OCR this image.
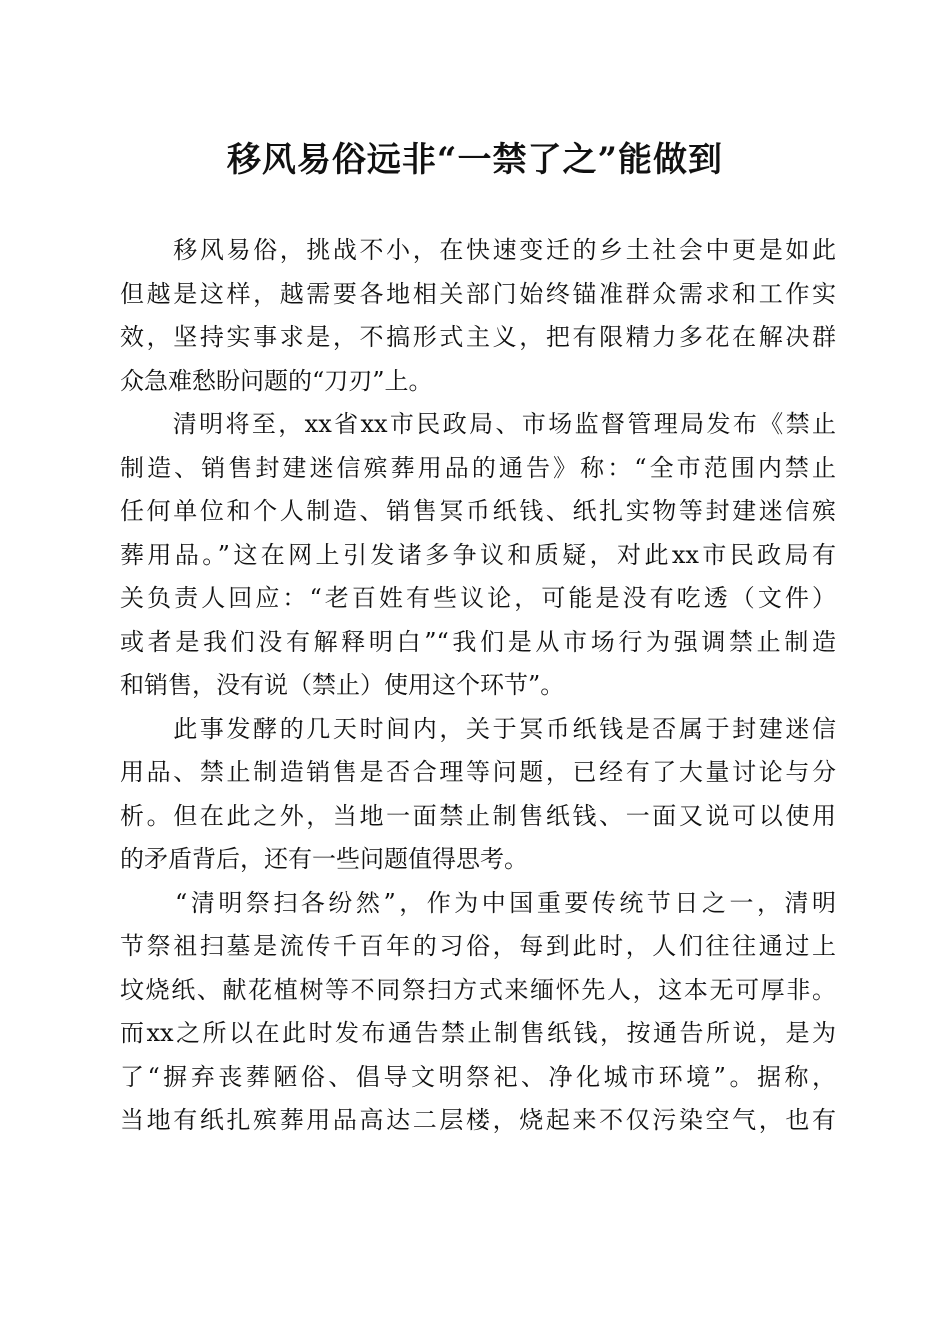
移风易俗远非“一禁了之”能做到
　　移风易俗，挑战不小，在快速变迁的乡土社会中更是如此
但越是这样，越需要各地相关部门始终锚准群众需求和工作实
效，坚持实事求是，不搞形式主义，把有限精力多花在解决群
众急难愁盼问题的“刀刃”上。
　　清明将至，xx省xx市民政局、市场监督管理局发布《禁止
制造、销售封建迷信殡葬用品的通告》称：“全市范围内禁止
任何单位和个人制造、销售冥币纸钱、纸扎实物等封建迷信殡
葬用品。”这在网上引发诸多争议和质疑，对此xx市民政局有
关负责人回应：“老百姓有些议论，可能是没有吃透（文件）
或者是我们没有解释明白”“我们是从市场行为强调禁止制造
和销售，没有说（禁止）使用这个环节”。
　　此事发酵的几天时间内，关于冥币纸钱是否属于封建迷信
用品、禁止制造销售是否合理等问题，已经有了大量讨论与分
析。但在此之外，当地一面禁止制售纸钱、一面又说可以使用
的矛盾背后，还有一些问题值得思考。
　　“清明祭扫各纷然”，作为中国重要传统节日之一，清明
节祭祖扫墓是流传千百年的习俗，每到此时，人们往往通过上
坟烧纸、献花植树等不同祭扫方式来缅怀先人，这本无可厚非。
而xx之所以在此时发布通告禁止制售纸钱，按通告所说，是为
了“摒弃丧葬陋俗、倡导文明祭祀、净化城市环境”。据称，
当地有纸扎殡葬用品高达二层楼，烧起来不仅污染空气，也有
